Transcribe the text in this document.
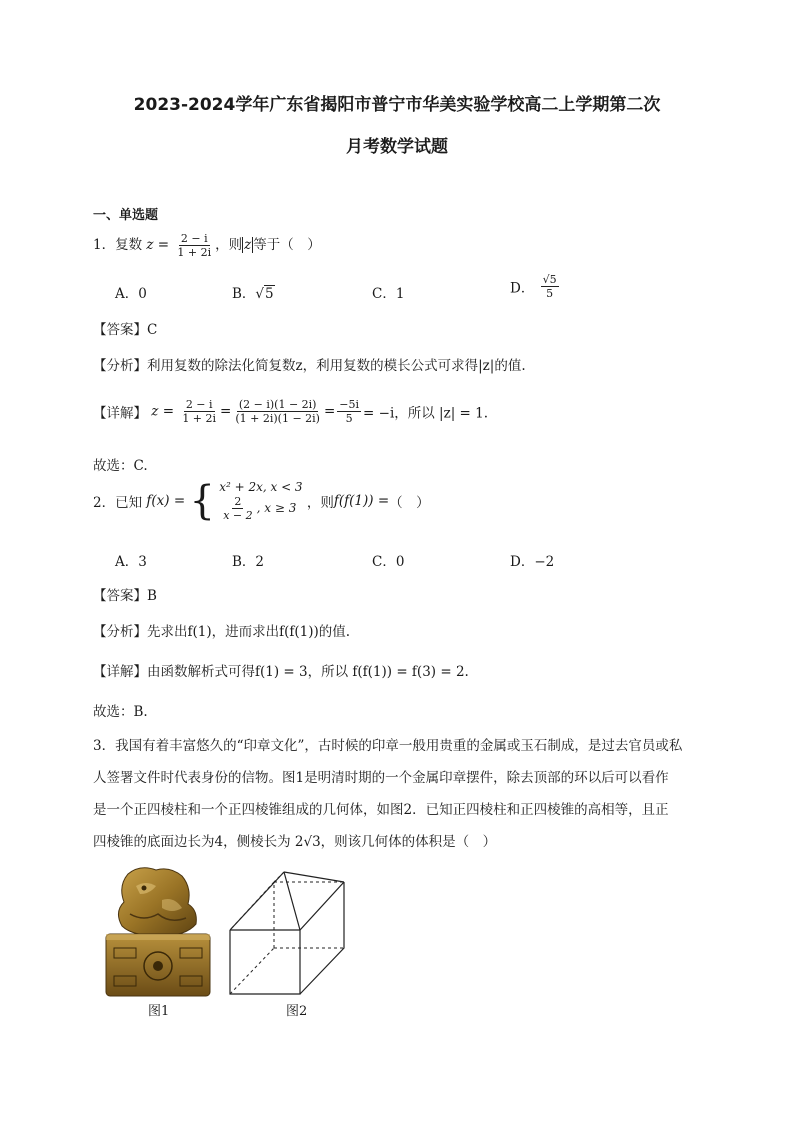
2023-2024学年广东省揭阳市普宁市华美实验学校高二上学期第二次
月考数学试题
一、单选题
1．复数 $z = \frac{2 - i}{1 + 2i}$ ，则 z 等于（　）
A．0	B．√5	C．1	D． $\frac{√5}{5}$
【答案】C
【分析】利用复数的除法化简复数z，利用复数的模长公式可求得|z|的值.
【详解】 $z = \frac{2 - i}{1 + 2i} = \frac{(2 - i)(1 - 2i)}{(1 + 2i)(1 - 2i)} = \frac{-5i}{5} = -i$，所以 |z| = 1.
故选：C.
2．已知 f(x) = { x² + 2x, x < 3
$\frac{2}{x - 2}$ , x ≥ 3 ，则f(f(1)) =（　）
A．3	B．2	C．0	D．−2
【答案】B
【分析】先求出f(1)，进而求出f(f(1))的值.
【详解】由函数解析式可得f(1) = 3，所以 f(f(1)) = f(3) = 2.
故选：B.
3．我国有着丰富悠久的“印章文化”，古时候的印章一般用贵重的金属或玉石制成，是过去官员或私
人签署文件时代表身份的信物。图1是明清时期的一个金属印章摆件，除去顶部的环以后可以看作
是一个正四棱柱和一个正四棱锥组成的几何体，如图2．已知正四棱柱和正四棱锥的高相等，且正
四棱锥的底面边长为4，侧棱长为 2√3，则该几何体的体积是（　）
图1	图2
